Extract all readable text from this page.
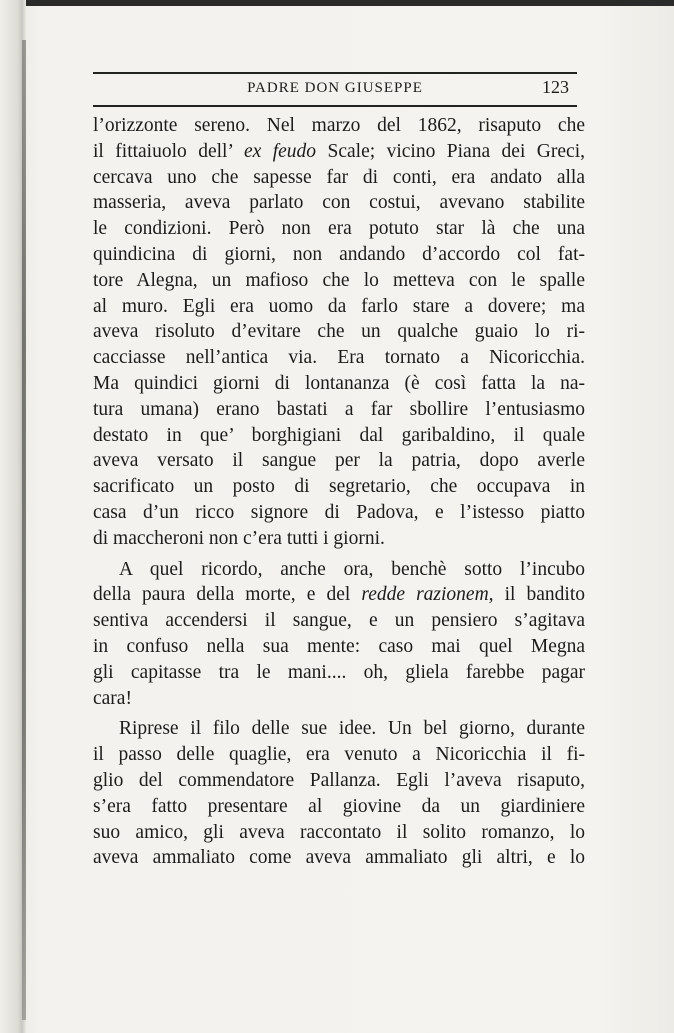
PADRE DON GIUSEPPE	123
l’orizzonte sereno. Nel marzo del 1862, risaputo che
il fittaiuolo dell’ ex feudo Scale; vicino Piana dei Greci,
cercava uno che sapesse far di conti, era andato alla
masseria, aveva parlato con costui, avevano stabilite
le condizioni. Però non era potuto star là che una
quindicina di giorni, non andando d’accordo col fat-
tore Alegna, un mafioso che lo metteva con le spalle
al muro. Egli era uomo da farlo stare a dovere; ma
aveva risoluto d’evitare che un qualche guaio lo ri-
cacciasse nell’antica via. Era tornato a Nicoricchia.
Ma quindici giorni di lontananza (è così fatta la na-
tura umana) erano bastati a far sbollire l’entusiasmo
destato in que’ borghigiani dal garibaldino, il quale
aveva versato il sangue per la patria, dopo averle
sacrificato un posto di segretario, che occupava in
casa d’un ricco signore di Padova, e l’istesso piatto
di maccheroni non c’era tutti i giorni.
A quel ricordo, anche ora, benchè sotto l’incubo
della paura della morte, e del redde razionem, il bandito
sentiva accendersi il sangue, e un pensiero s’agitava
in confuso nella sua mente: caso mai quel Megna
gli capitasse tra le mani.... oh, gliela farebbe pagar
cara!
Riprese il filo delle sue idee. Un bel giorno, durante
il passo delle quaglie, era venuto a Nicoricchia il fi-
glio del commendatore Pallanza. Egli l’aveva risaputo,
s’era fatto presentare al giovine da un giardiniere
suo amico, gli aveva raccontato il solito romanzo, lo
aveva ammaliato come aveva ammaliato gli altri, e lo
